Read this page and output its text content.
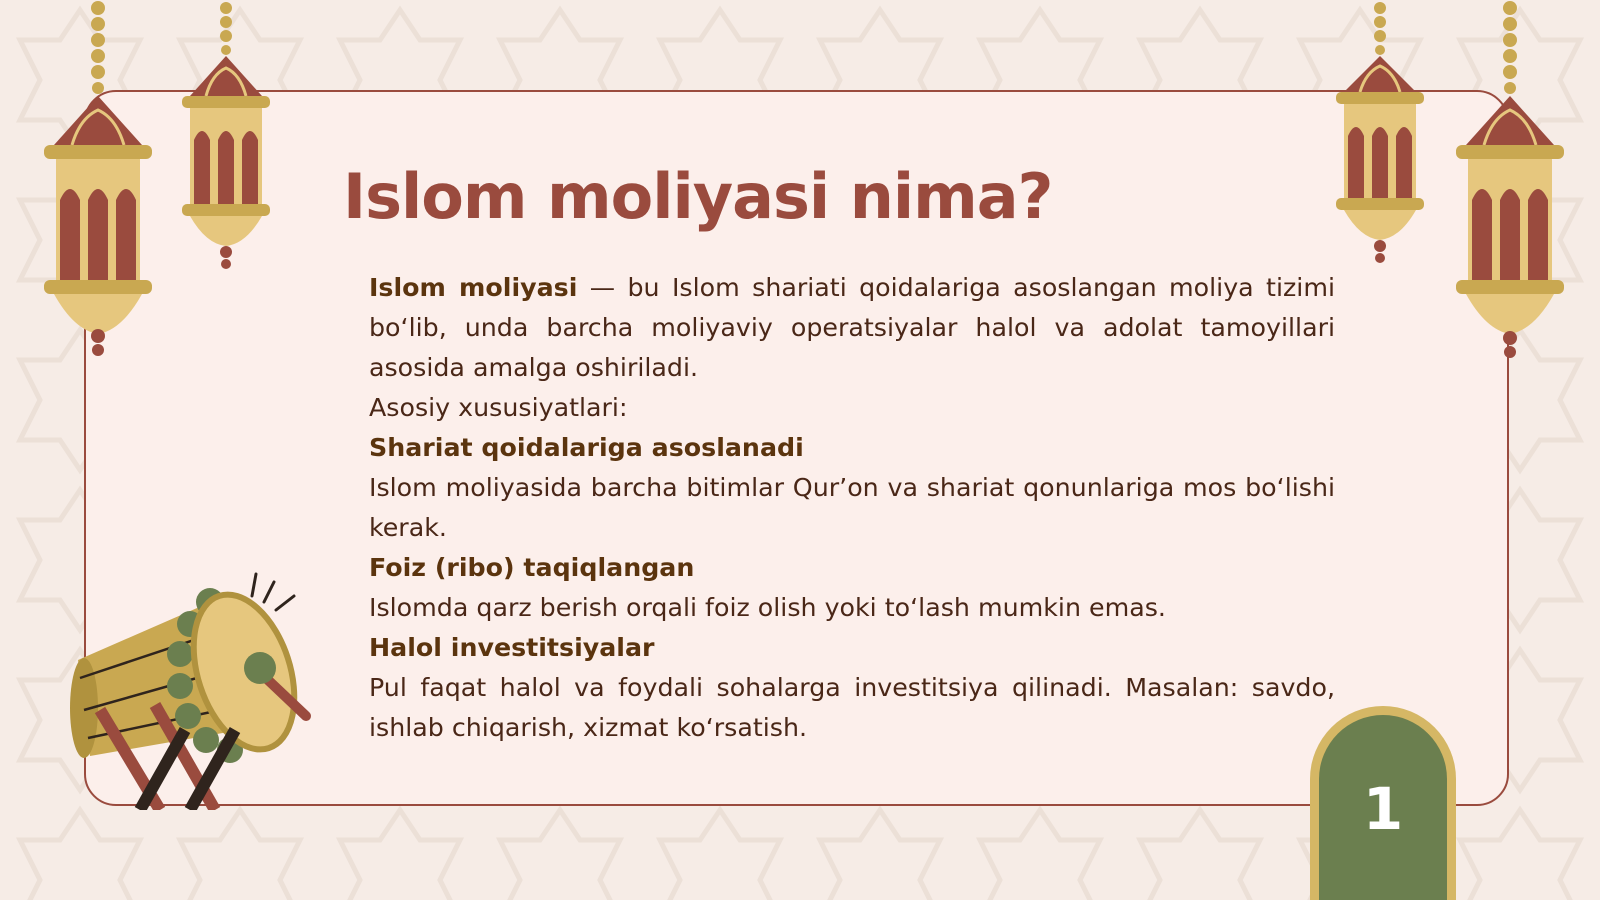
Islom moliyasi nima?

Islom moliyasi — bu Islom shariati qoidalariga asoslangan moliya tizimi bo‘lib, unda barcha moliyaviy operatsiyalar halol va adolat tamoyillari asosida amalga oshiriladi.

Asosiy xususiyatlari:

Shariat qoidalariga asoslanadi

Islom moliyasida barcha bitimlar Qur’on va shariat qonunlariga mos bo‘lishi kerak.

Foiz (ribo) taqiqlangan

Islomda qarz berish orqali foiz olish yoki to‘lash mumkin emas.

Halol investitsiyalar

Pul faqat halol va foydali sohalarga investitsiya qilinadi. Masalan: savdo, ishlab chiqarish, xizmat ko‘rsatish.

1
